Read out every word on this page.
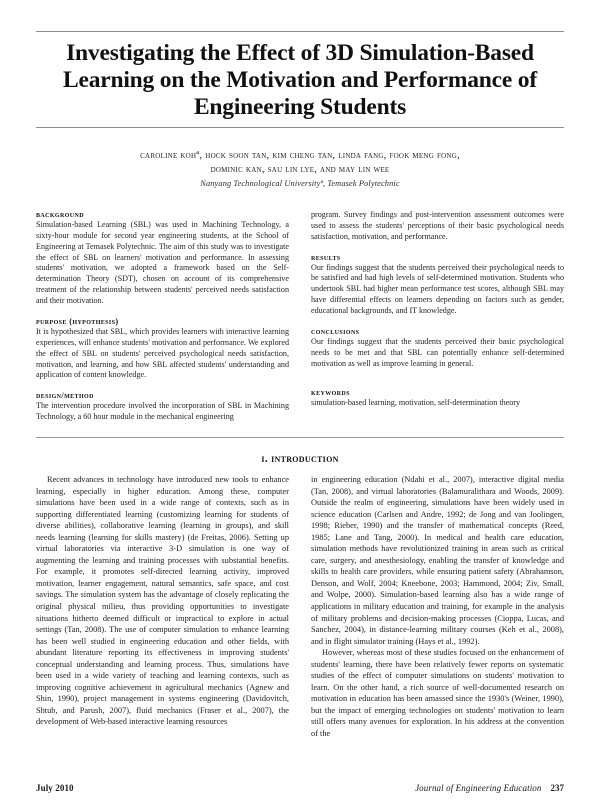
Investigating the Effect of 3D Simulation-Based Learning on the Motivation and Performance of Engineering Students
caroline kohª, hock soon tan, kim cheng tan, linda fang, fook meng fong,
dominic kan, sau lin lye, and may lin wee
Nanyang Technological Universityª, Temasek Polytechnic
background

Simulation-based Learning (SBL) was used in Machining Technology, a sixty-hour module for second year engineering students, at the School of Engineering at Temasek Polytechnic. The aim of this study was to investigate the effect of SBL on learners' motivation and performance. In assessing students' motivation, we adopted a framework based on the Self-determination Theory (SDT), chosen on account of its comprehensive treatment of the relationship between students' perceived needs satisfaction and their motivation.

purpose (hypothesis)

It is hypothesized that SBL, which provides learners with interactive learning experiences, will enhance students' motivation and performance. We explored the effect of SBL on students' perceived psychological needs satisfaction, motivation, and learning, and how SBL affected students' understanding and application of content knowledge.

design/method

The intervention procedure involved the incorporation of SBL in Machining Technology, a 60 hour module in the mechanical engineering

program. Survey findings and post-intervention assessment outcomes were used to assess the students' perceptions of their basic psychological needs satisfaction, motivation, and performance.

results

Our findings suggest that the students perceived their psychological needs to be satisfied and had high levels of self-determined motivation. Students who undertook SBL had higher mean performance test scores, although SBL may have differential effects on learners depending on factors such as gender, educational backgrounds, and IT knowledge.

conclusions

Our findings suggest that the students perceived their basic psychological needs to be met and that SBL can potentially enhance self-determined motivation as well as improve learning in general.

keywords

simulation-based learning, motivation, self-determination theory

i. introduction

Recent advances in technology have introduced new tools to enhance learning, especially in higher education. Among these, computer simulations have been used in a wide range of contexts, such as in supporting differentiated learning (customizing learning for students of diverse abilities), collaborative learning (learning in groups), and skill needs learning (learning for skills mastery) (de Freitas, 2006). Setting up virtual laboratories via interactive 3-D simulation is one way of augmenting the learning and training processes with substantial benefits. For example, it promotes self-directed learning activity, improved motivation, learner engagement, natural semantics, safe space, and cost savings. The simulation system has the advantage of closely replicating the original physical milieu, thus providing opportunities to investigate situations hitherto deemed difficult or impractical to explore in actual settings (Tan, 2008). The use of computer simulation to enhance learning has been well studied in engineering education and other fields, with abundant literature reporting its effectiveness in improving students' conceptual understanding and learning process. Thus, simulations have been used in a wide variety of teaching and learning contexts, such as improving cognitive achievement in agricultural mechanics (Agnew and Shin, 1990), project management in systems engineering (Davidovitch, Shtub, and Parush, 2007), fluid mechanics (Fraser et al., 2007), the development of Web-based interactive learning resources

in engineering education (Ndahi et al., 2007), interactive digital media (Tan, 2008), and virtual laboratories (Balamuralithara and Woods, 2009). Outside the realm of engineering, simulations have been widely used in science education (Carlsen and Andre, 1992; de Jong and van Joolingen, 1998; Rieber, 1990) and the transfer of mathematical concepts (Reed, 1985; Lane and Tang, 2000). In medical and health care education, simulation methods have revolutionized training in areas such as critical care, surgery, and anesthesiology, enabling the transfer of knowledge and skills to health care providers, while ensuring patient safety (Abrahamson, Denson, and Wolf, 2004; Kneebone, 2003; Hammond, 2004; Ziv, Small, and Wolpe, 2000). Simulation-based learning also has a wide range of applications in military education and training, for example in the analysis of military problems and decision-making processes (Cioppa, Lucas, and Sanchez, 2004), in distance-learning military courses (Keh et al., 2008), and in flight simulator training (Hays et al., 1992).

However, whereas most of these studies focused on the enhancement of students' learning, there have been relatively fewer reports on systematic studies of the effect of computer simulations on students' motivation to learn. On the other hand, a rich source of well-documented research on motivation in education has been amassed since the 1930's (Weiner, 1990), but the impact of emerging technologies on students' motivation to learn still offers many avenues for exploration. In his address at the convention of the

July 2010	Journal of Engineering Education 237
